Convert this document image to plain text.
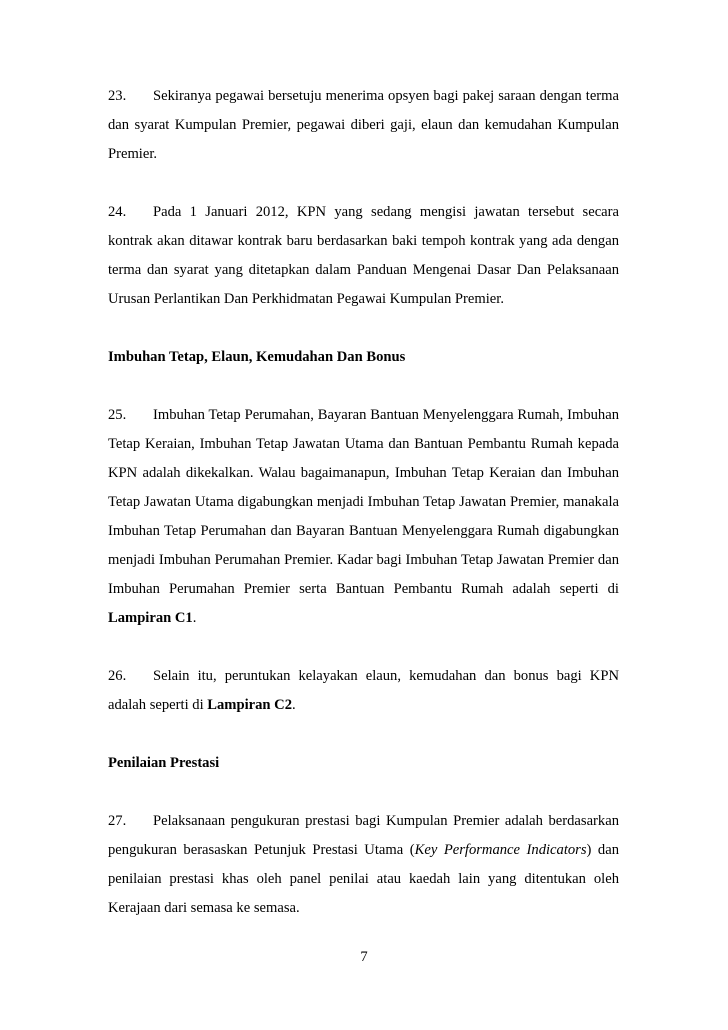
23. Sekiranya pegawai bersetuju menerima opsyen bagi pakej saraan dengan terma dan syarat Kumpulan Premier, pegawai diberi gaji, elaun dan kemudahan Kumpulan Premier.

24. Pada 1 Januari 2012, KPN yang sedang mengisi jawatan tersebut secara kontrak akan ditawar kontrak baru berdasarkan baki tempoh kontrak yang ada dengan terma dan syarat yang ditetapkan dalam Panduan Mengenai Dasar Dan Pelaksanaan Urusan Perlantikan Dan Perkhidmatan Pegawai Kumpulan Premier.

Imbuhan Tetap, Elaun, Kemudahan Dan Bonus

25. Imbuhan Tetap Perumahan, Bayaran Bantuan Menyelenggara Rumah, Imbuhan Tetap Keraian, Imbuhan Tetap Jawatan Utama dan Bantuan Pembantu Rumah kepada KPN adalah dikekalkan. Walau bagaimanapun, Imbuhan Tetap Keraian dan Imbuhan Tetap Jawatan Utama digabungkan menjadi Imbuhan Tetap Jawatan Premier, manakala Imbuhan Tetap Perumahan dan Bayaran Bantuan Menyelenggara Rumah digabungkan menjadi Imbuhan Perumahan Premier. Kadar bagi Imbuhan Tetap Jawatan Premier dan Imbuhan Perumahan Premier serta Bantuan Pembantu Rumah adalah seperti di Lampiran C1.

26. Selain itu, peruntukan kelayakan elaun, kemudahan dan bonus bagi KPN adalah seperti di Lampiran C2.

Penilaian Prestasi

27. Pelaksanaan pengukuran prestasi bagi Kumpulan Premier adalah berdasarkan pengukuran berasaskan Petunjuk Prestasi Utama (Key Performance Indicators) dan penilaian prestasi khas oleh panel penilai atau kaedah lain yang ditentukan oleh Kerajaan dari semasa ke semasa.

7
